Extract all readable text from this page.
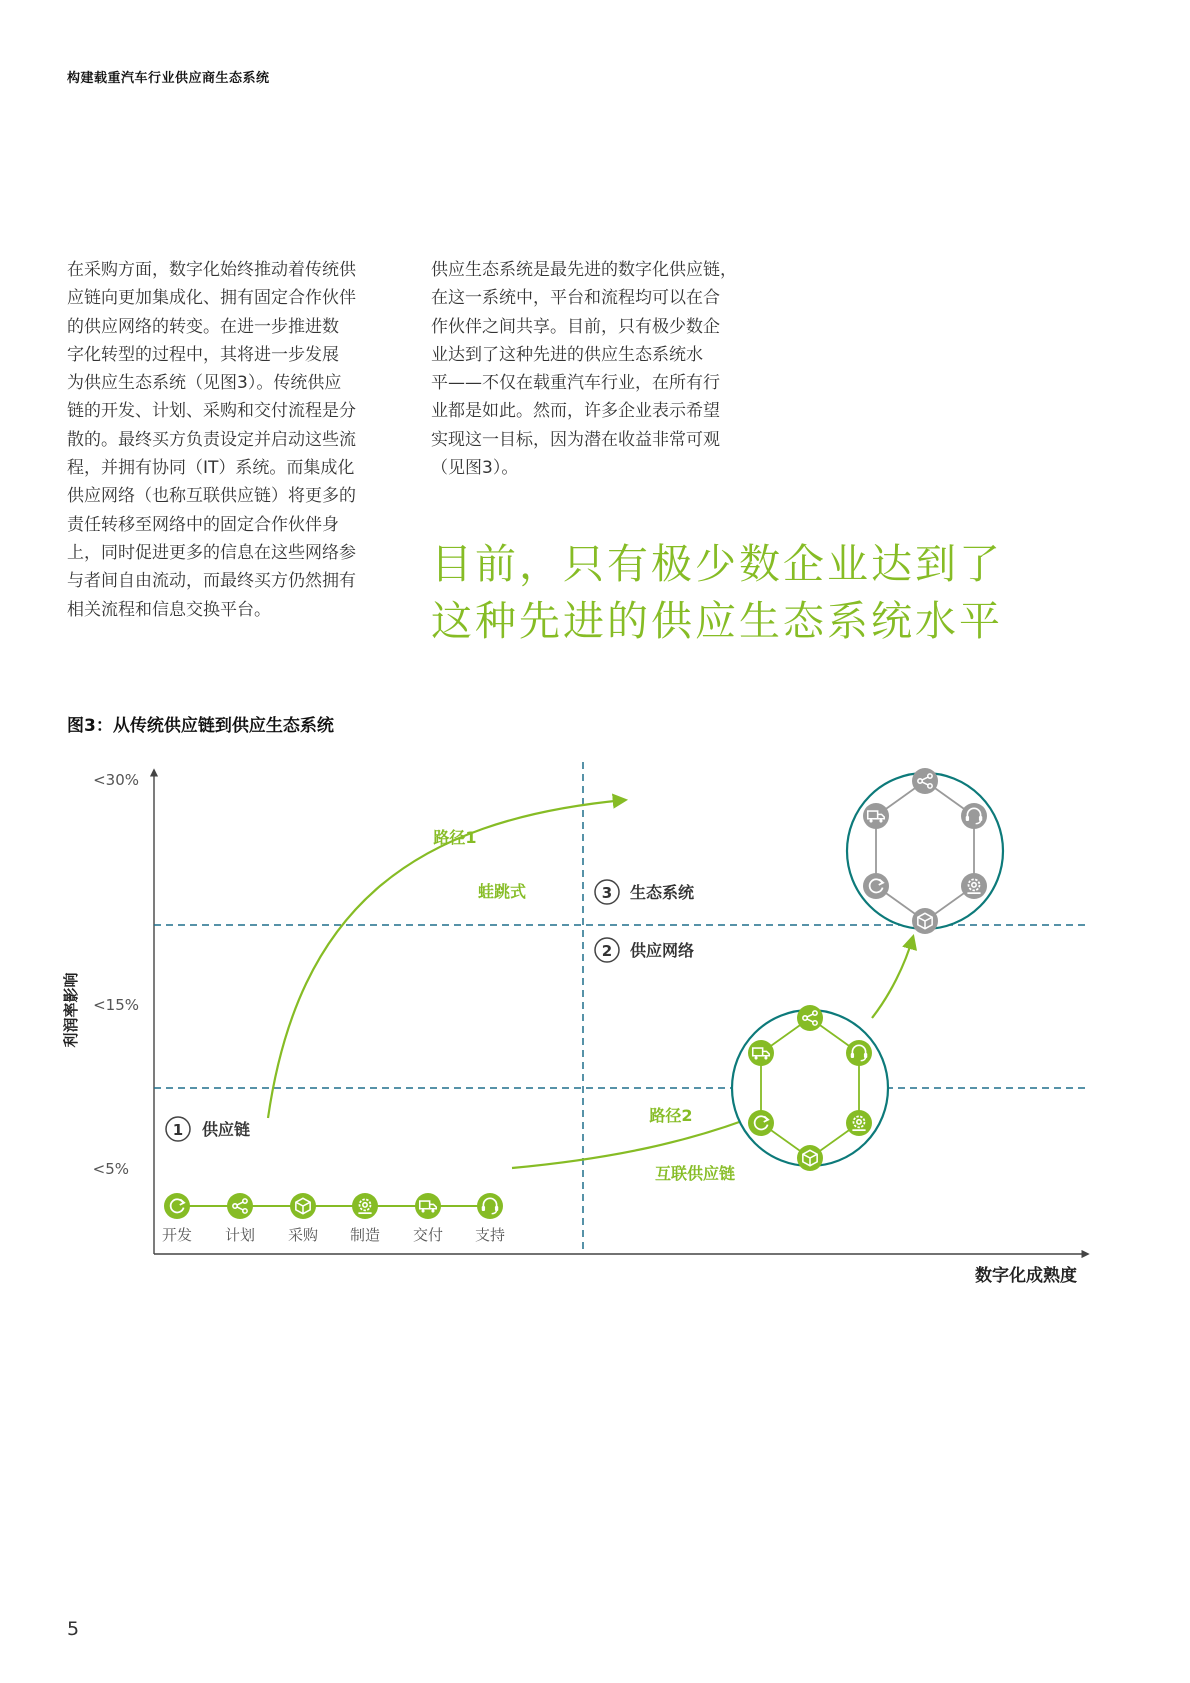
构建载重汽车行业供应商生态系统
在采购方面，数字化始终推动着传统供
应链向更加集成化、拥有固定合作伙伴
的供应网络的转变。在进一步推进数
字化转型的过程中，其将进一步发展
为供应生态系统（见图3）。传统供应
链的开发、计划、采购和交付流程是分
散的。最终买方负责设定并启动这些流
程，并拥有协同（IT）系统。而集成化
供应网络（也称互联供应链）将更多的
责任转移至网络中的固定合作伙伴身
上，同时促进更多的信息在这些网络参
与者间自由流动，而最终买方仍然拥有
相关流程和信息交换平台。
供应生态系统是最先进的数字化供应链，
在这一系统中，平台和流程均可以在合
作伙伴之间共享。目前，只有极少数企
业达到了这种先进的供应生态系统水
平——不仅在载重汽车行业，在所有行
业都是如此。然而，许多企业表示希望
实现这一目标，因为潜在收益非常可观
（见图3）。
目前，只有极少数企业达到了
这种先进的供应生态系统水平
图3：从传统供应链到供应生态系统
<30%
<15%
<5%
利润率影响
数字化成熟度
3 生态系统
2 供应网络
1 供应链
路径1
蛙跳式
路径2
互联供应链
开发 计划 采购 制造 交付 支持
5
